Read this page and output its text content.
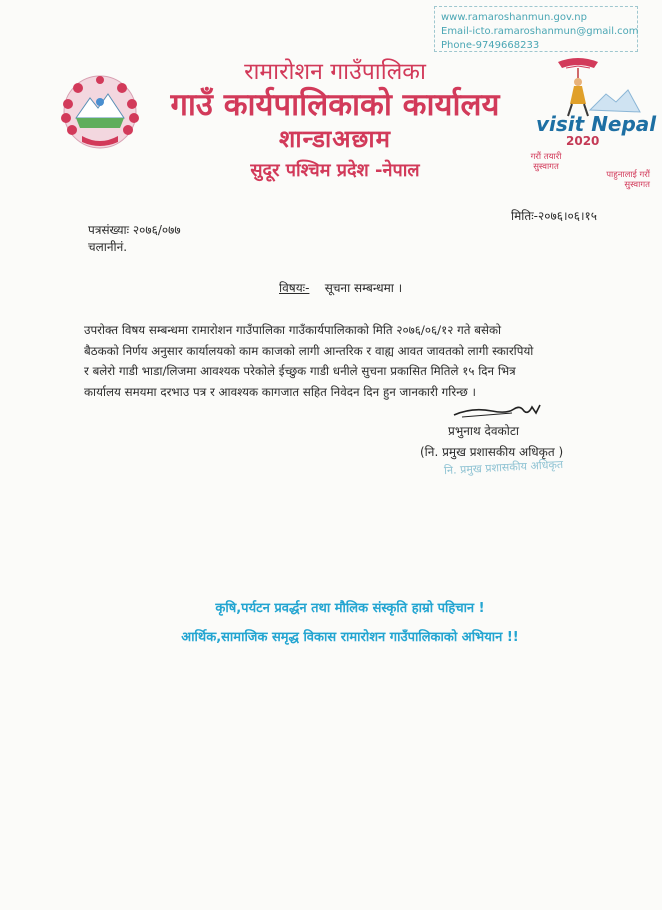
www.ramaroshanmun.gov.np
Email-icto.ramaroshanmun@gmail.com
Phone-9749668233
रामारोशन गाउँपालिका
गाउँ कार्यपालिकाको कार्यालय
शान्डाअछाम
सुदूर पश्चिम प्रदेश -नेपाल
visit Nepal
2020
गरौं तयारी सुस्वागत
पाहुनालाई गरौं सुस्वागत
पत्रसंख्याः २०७६/०७७
चलानीनं.
मितिः-२०७६।०६।१५
विषयः- सूचना सम्बन्धमा ।
उपरोक्त विषय सम्बन्धमा रामारोशन गाउँपालिका गाउँकार्यपालिकाको मिति २०७६/०६/१२ गते बसेको
बैठकको निर्णय अनुसार कार्यालयको काम काजको लागी आन्तरिक र वाह्य आवत जावतको लागी स्कारपियो
र बलेरो गाडी भाडा/लिजमा आवश्यक परेकोले ईच्छुक गाडी धनीले सुचना प्रकासित मितिले १५ दिन भित्र
कार्यालय समयमा दरभाउ पत्र र आवश्यक कागजात सहित निवेदन दिन हुन जानकारी गरिन्छ ।
प्रभुनाथ देवकोटा
(नि. प्रमुख प्रशासकीय अधिकृत )
नि. प्रमुख प्रशासकीय अधिकृत
कृषि,पर्यटन प्रवर्द्धन तथा मौलिक संस्कृति हाम्रो पहिचान !
आर्थिक,सामाजिक समृद्ध विकास रामारोशन गाउँपालिकाको अभियान !!
